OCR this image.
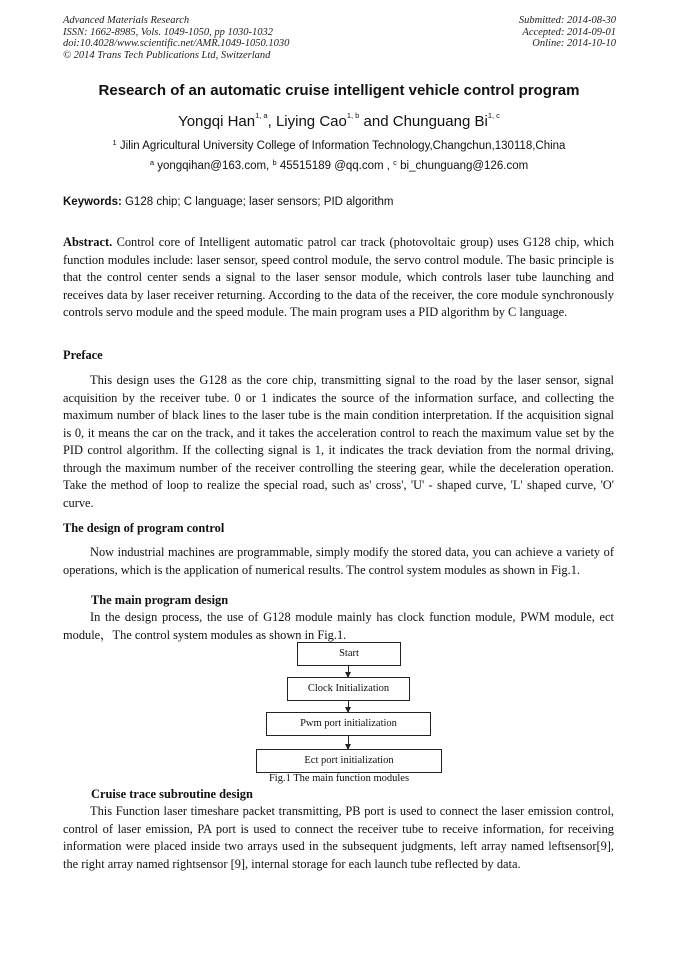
Advanced Materials Research
ISSN: 1662-8985, Vols. 1049-1050, pp 1030-1032
doi:10.4028/www.scientific.net/AMR.1049-1050.1030
© 2014 Trans Tech Publications Ltd, Switzerland
Submitted: 2014-08-30
Accepted: 2014-09-01
Online: 2014-10-10
Research of an automatic cruise intelligent vehicle control program
Yongqi Han$^{1, a}$, Liying Cao$^{1, b}$ and Chunguang Bi$^{1, c}$
$^1$ Jilin Agricultural University College of Information Technology,Changchun,130118,China
$^a$ yongqihan@163.com, $^b$ 45515189 @qq.com , $^c$ bi_chunguang@126.com
Keywords: G128 chip; C language; laser sensors; PID algorithm

Abstract. Control core of Intelligent automatic patrol car track (photovoltaic group) uses G128 chip, which function modules include: laser sensor, speed control module, the servo control module. The basic principle is that the control center sends a signal to the laser sensor module, which controls laser tube launching and receives data by laser receiver returning. According to the data of the receiver, the core module synchronously controls servo module and the speed module. The main program uses a PID algorithm by C language.

Preface

This design uses the G128 as the core chip, transmitting signal to the road by the laser sensor, signal acquisition by the receiver tube. 0 or 1 indicates the source of the information surface, and collecting the maximum number of black lines to the laser tube is the main condition interpretation. If the acquisition signal is 0, it means the car on the track, and it takes the acceleration control to reach the maximum value set by the PID control algorithm. If the collecting signal is 1, it indicates the track deviation from the normal driving, through the maximum number of the receiver controlling the steering gear, while the deceleration operation. Take the method of loop to realize the special road, such as' cross', 'U' - shaped curve, 'L' shaped curve, 'O' curve.

The design of program control

Now industrial machines are programmable, simply modify the stored data, you can achieve a variety of operations, which is the application of numerical results. The control system modules as shown in Fig.1.

The main program design

In the design process, the use of G128 module mainly has clock function module, PWM module, ect module，The control system modules as shown in Fig.1.

Start
Clock Initialization
Pwm port initialization
Ect port initialization
Fig.1 The main function modules
Cruise trace subroutine design

This Function laser timeshare packet transmitting, PB port is used to connect the laser emission control, control of laser emission, PA port is used to connect the receiver tube to receive information, for receiving information were placed inside two arrays used in the subsequent judgments, left array named leftsensor[9], the right array named rightsensor [9], internal storage for each launch tube reflected by data.
